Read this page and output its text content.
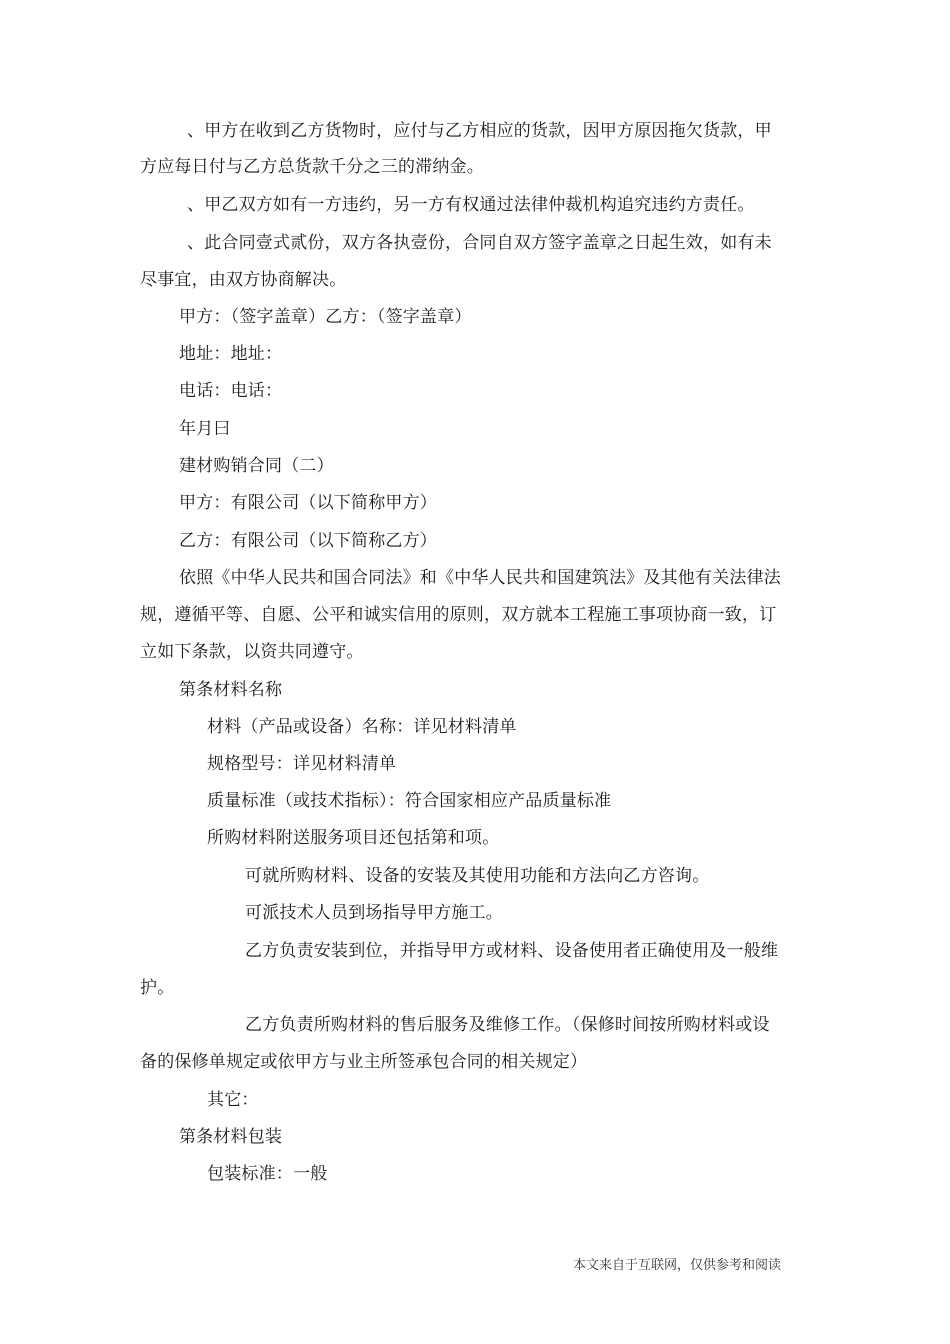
、甲方在收到乙方货物时，应付与乙方相应的货款，因甲方原因拖欠货款，甲
方应每日付与乙方总货款千分之三的滞纳金。
、甲乙双方如有一方违约，另一方有权通过法律仲裁机构追究违约方责任。
、此合同壹式贰份，双方各执壹份，合同自双方签字盖章之日起生效，如有未
尽事宜，由双方协商解决。
甲方：（签字盖章）乙方：（签字盖章）
地址：地址：
电话：电话：
年月曰
建材购销合同（二）
甲方：有限公司（以下简称甲方）
乙方：有限公司（以下简称乙方）
依照《中华人民共和国合同法》和《中华人民共和国建筑法》及其他有关法律法
规，遵循平等、自愿、公平和诚实信用的原则，双方就本工程施工事项协商一致，订
立如下条款，以资共同遵守。
第条材料名称
材料（产品或设备）名称：详见材料清单
规格型号：详见材料清单
质量标准（或技术指标）：符合国家相应产品质量标准
所购材料附送服务项目还包括第和项。
可就所购材料、设备的安装及其使用功能和方法向乙方咨询。
可派技术人员到场指导甲方施工。
乙方负责安装到位，并指导甲方或材料、设备使用者正确使用及一般维
护。
乙方负责所购材料的售后服务及维修工作。（保修时间按所购材料或设
备的保修单规定或依甲方与业主所签承包合同的相关规定）
其它：
第条材料包装
包装标准：一般
本文来自于互联网，仅供参考和阅读
